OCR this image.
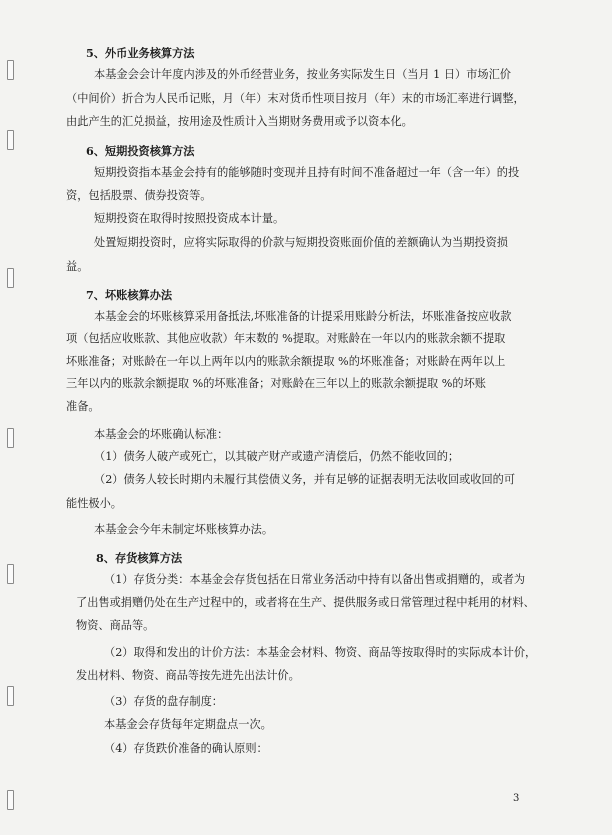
5、外币业务核算方法
本基金会会计年度内涉及的外币经营业务，按业务实际发生日（当月 1 日）市场汇价
（中间价）折合为人民币记账，月（年）末对货币性项目按月（年）末的市场汇率进行调整，
由此产生的汇兑损益，按用途及性质计入当期财务费用或予以资本化。
6、短期投资核算方法
短期投资指本基金会持有的能够随时变现并且持有时间不准备超过一年（含一年）的投
资，包括股票、债券投资等。
短期投资在取得时按照投资成本计量。
处置短期投资时，应将实际取得的价款与短期投资账面价值的差额确认为当期投资损
益。
7、坏账核算办法
本基金会的坏账核算采用备抵法,坏账准备的计提采用账龄分析法，坏账准备按应收款
项（包括应收账款、其他应收款）年末数的 %提取。对账龄在一年以内的账款余额不提取
坏账准备；对账龄在一年以上两年以内的账款余额提取 %的坏账准备；对账龄在两年以上
三年以内的账款余额提取 %的坏账准备；对账龄在三年以上的账款余额提取 %的坏账
准备。
本基金会的坏账确认标准：
（1）债务人破产或死亡，以其破产财产或遗产清偿后，仍然不能收回的；
（2）债务人较长时期内未履行其偿债义务，并有足够的证据表明无法收回或收回的可
能性极小。
本基金会今年未制定坏账核算办法。
8、存货核算方法
（1）存货分类：本基金会存货包括在日常业务活动中持有以备出售或捐赠的，或者为
了出售或捐赠仍处在生产过程中的，或者将在生产、提供服务或日常管理过程中耗用的材料、
物资、商品等。
（2）取得和发出的计价方法：本基金会材料、物资、商品等按取得时的实际成本计价，
发出材料、物资、商品等按先进先出法计价。
（3）存货的盘存制度：
本基金会存货每年定期盘点一次。
（4）存货跌价准备的确认原则：
3
